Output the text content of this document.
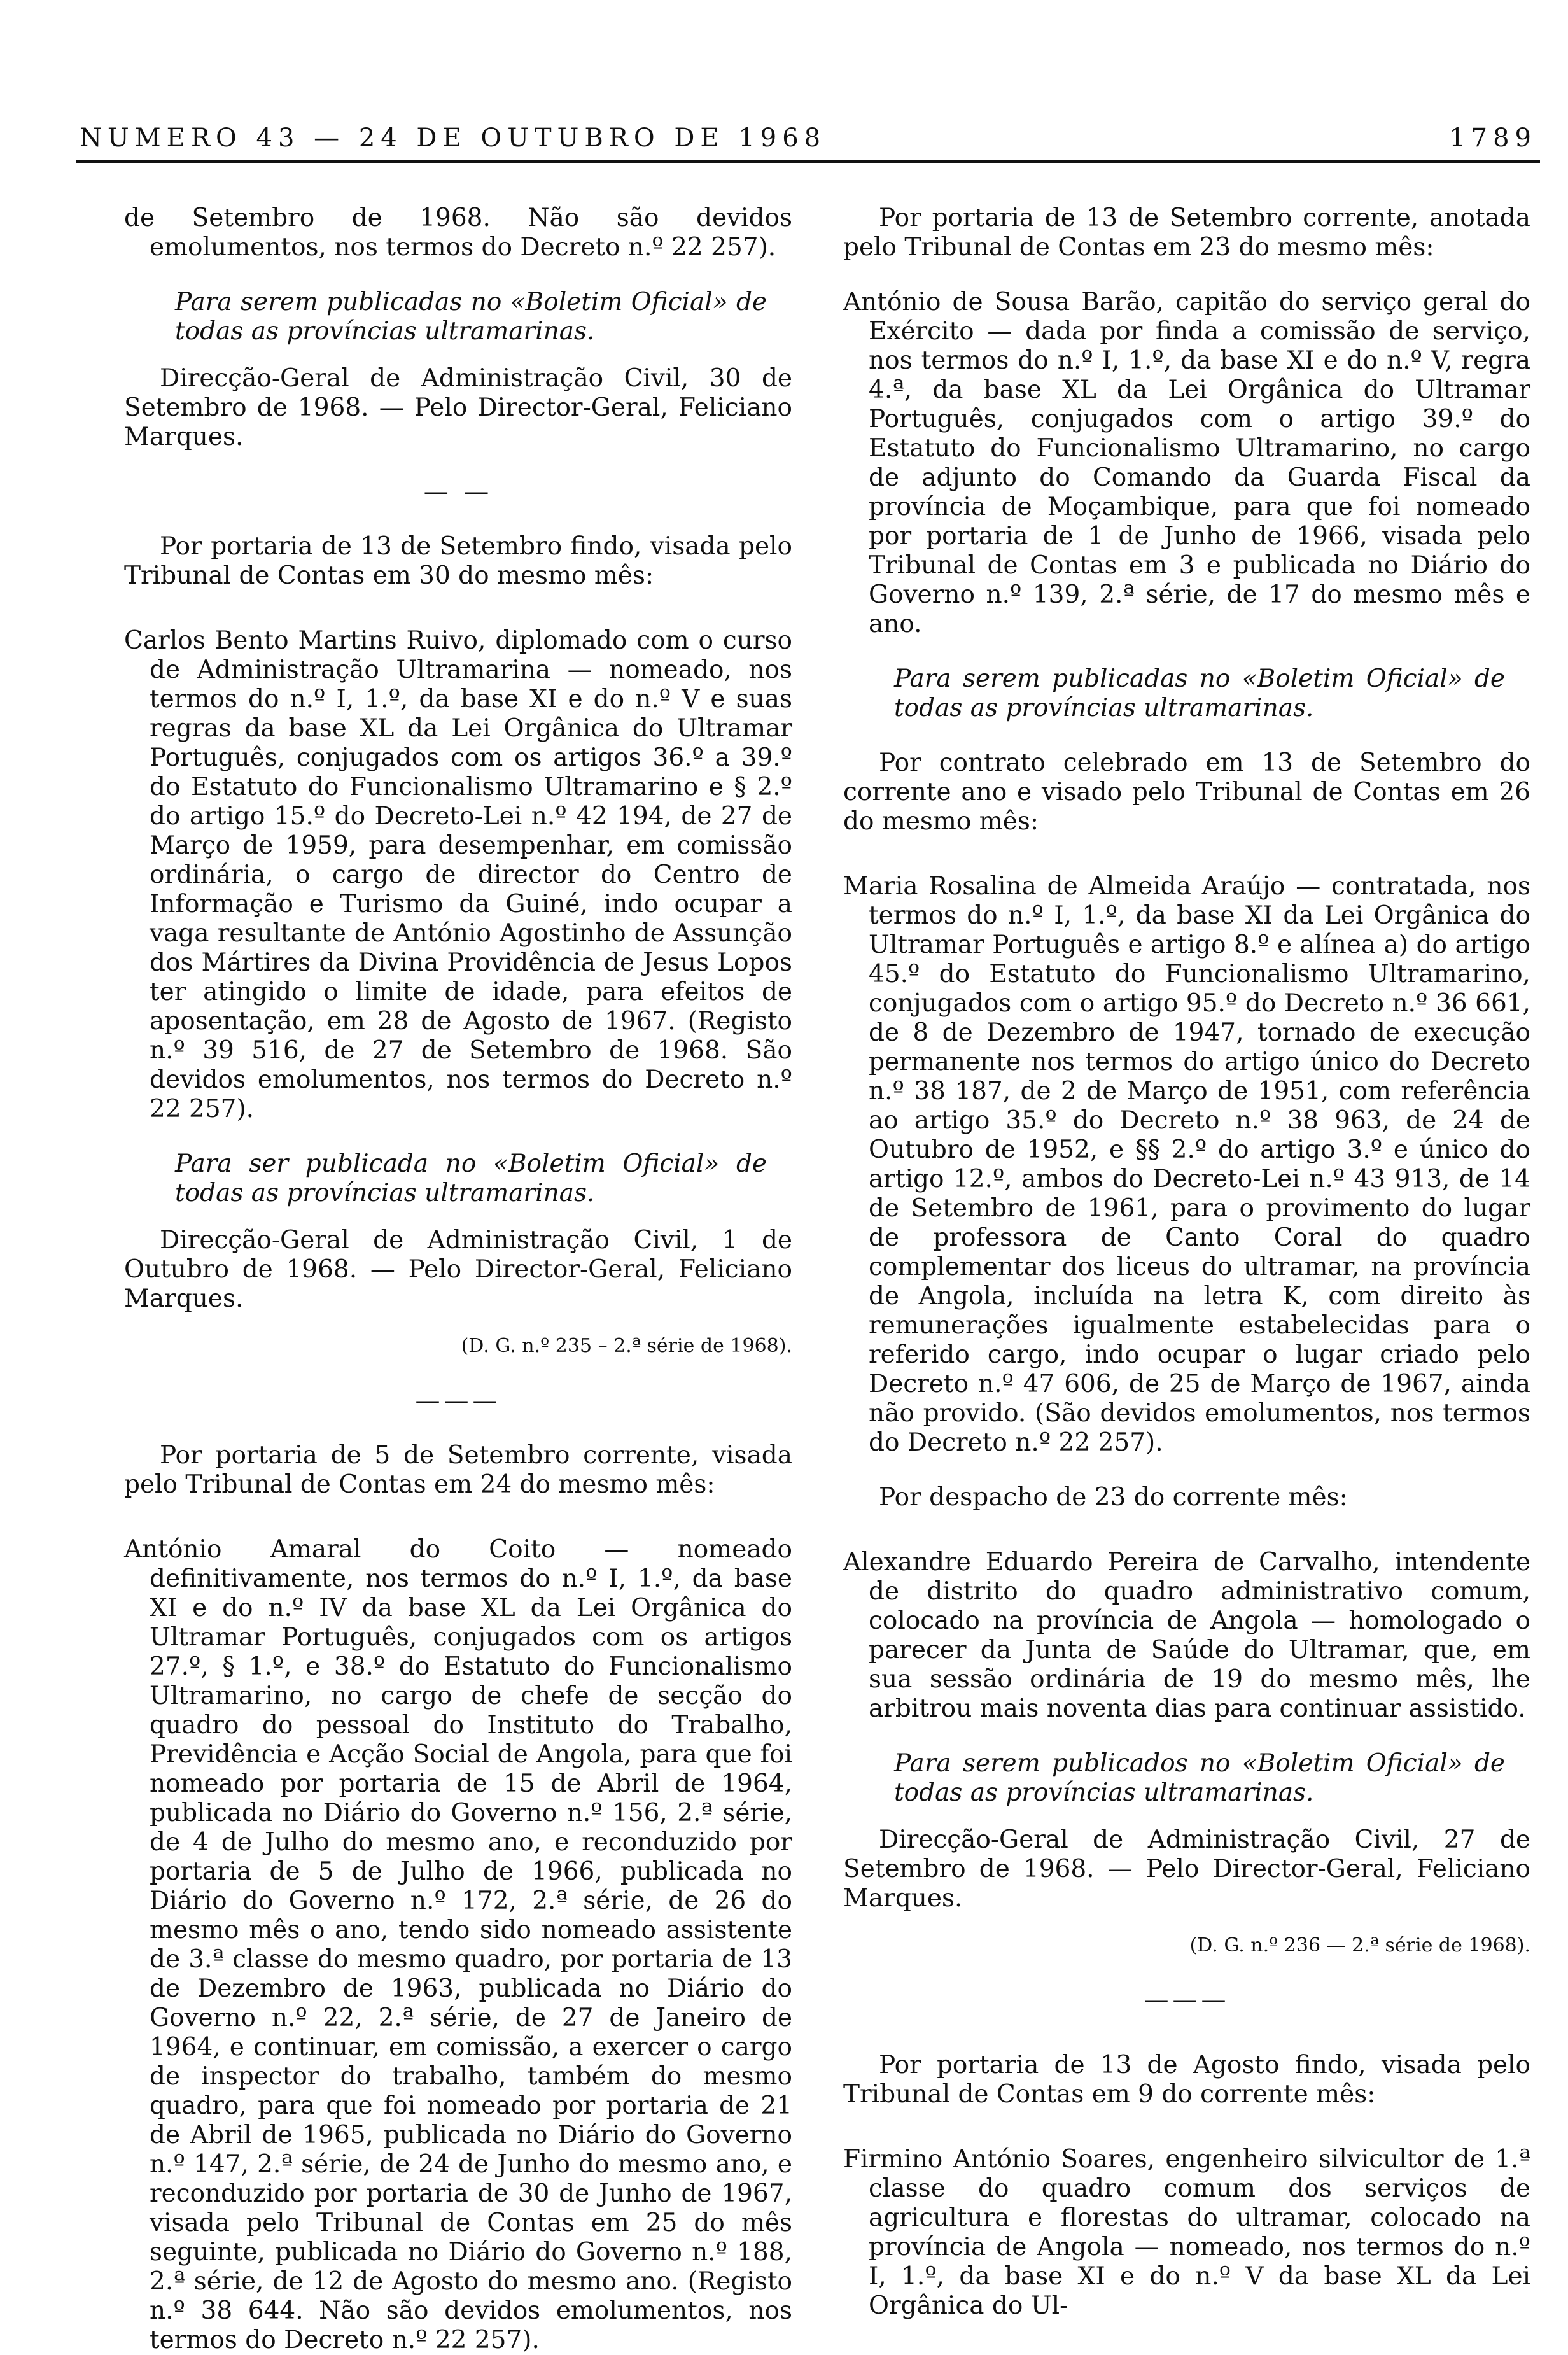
NUMERO 43 — 24 DE OUTUBRO DE 1968	1789

de Setembro de 1968. Não são devidos emolumentos, nos termos do Decreto n.º 22 257).

Para serem publicadas no «Boletim Oficial» de todas as províncias ultramarinas.

Direcção-Geral de Administração Civil, 30 de Setembro de 1968. — Pelo Director-Geral, Feliciano Marques.

— —

Por portaria de 13 de Setembro findo, visada pelo Tribunal de Contas em 30 do mesmo mês:

Carlos Bento Martins Ruivo, diplomado com o curso de Administração Ultramarina — nomeado, nos termos do n.º I, 1.º, da base XI e do n.º V e suas regras da base XL da Lei Orgânica do Ultramar Português, conjugados com os artigos 36.º a 39.º do Estatuto do Funcionalismo Ultramarino e § 2.º do artigo 15.º do Decreto-Lei n.º 42 194, de 27 de Março de 1959, para desempenhar, em comissão ordinária, o cargo de director do Centro de Informação e Turismo da Guiné, indo ocupar a vaga resultante de António Agostinho de Assunção dos Mártires da Divina Providência de Jesus Lopos ter atingido o limite de idade, para efeitos de aposentação, em 28 de Agosto de 1967. (Registo n.º 39 516, de 27 de Setembro de 1968. São devidos emolumentos, nos termos do Decreto n.º 22 257).

Para ser publicada no «Boletim Oficial» de todas as províncias ultramarinas.

Direcção-Geral de Administração Civil, 1 de Outubro de 1968. — Pelo Director-Geral, Feliciano Marques.

(D. G. n.º 235 – 2.ª série de 1968).

———

Por portaria de 5 de Setembro corrente, visada pelo Tribunal de Contas em 24 do mesmo mês:

António Amaral do Coito — nomeado definitivamente, nos termos do n.º I, 1.º, da base XI e do n.º IV da base XL da Lei Orgânica do Ultramar Português, conjugados com os artigos 27.º, § 1.º, e 38.º do Estatuto do Funcionalismo Ultramarino, no cargo de chefe de secção do quadro do pessoal do Instituto do Trabalho, Previdência e Acção Social de Angola, para que foi nomeado por portaria de 15 de Abril de 1964, publicada no Diário do Governo n.º 156, 2.ª série, de 4 de Julho do mesmo ano, e reconduzido por portaria de 5 de Julho de 1966, publicada no Diário do Governo n.º 172, 2.ª série, de 26 do mesmo mês o ano, tendo sido nomeado assistente de 3.ª classe do mesmo quadro, por portaria de 13 de Dezembro de 1963, publicada no Diário do Governo n.º 22, 2.ª série, de 27 de Janeiro de 1964, e continuar, em comissão, a exercer o cargo de inspector do trabalho, também do mesmo quadro, para que foi nomeado por portaria de 21 de Abril de 1965, publicada no Diário do Governo n.º 147, 2.ª série, de 24 de Junho do mesmo ano, e reconduzido por portaria de 30 de Junho de 1967, visada pelo Tribunal de Contas em 25 do mês seguinte, publicada no Diário do Governo n.º 188, 2.ª série, de 12 de Agosto do mesmo ano. (Registo n.º 38 644. Não são devidos emolumentos, nos termos do Decreto n.º 22 257).

Por portaria de 13 de Setembro corrente, anotada pelo Tribunal de Contas em 23 do mesmo mês:

António de Sousa Barão, capitão do serviço geral do Exército — dada por finda a comissão de serviço, nos termos do n.º I, 1.º, da base XI e do n.º V, regra 4.ª, da base XL da Lei Orgânica do Ultramar Português, conjugados com o artigo 39.º do Estatuto do Funcionalismo Ultramarino, no cargo de adjunto do Comando da Guarda Fiscal da província de Moçambique, para que foi nomeado por portaria de 1 de Junho de 1966, visada pelo Tribunal de Contas em 3 e publicada no Diário do Governo n.º 139, 2.ª série, de 17 do mesmo mês e ano.

Para serem publicadas no «Boletim Oficial» de todas as províncias ultramarinas.

Por contrato celebrado em 13 de Setembro do corrente ano e visado pelo Tribunal de Contas em 26 do mesmo mês:

Maria Rosalina de Almeida Araújo — contratada, nos termos do n.º I, 1.º, da base XI da Lei Orgânica do Ultramar Português e artigo 8.º e alínea a) do artigo 45.º do Estatuto do Funcionalismo Ultramarino, conjugados com o artigo 95.º do Decreto n.º 36 661, de 8 de Dezembro de 1947, tornado de execução permanente nos termos do artigo único do Decreto n.º 38 187, de 2 de Março de 1951, com referência ao artigo 35.º do Decreto n.º 38 963, de 24 de Outubro de 1952, e §§ 2.º do artigo 3.º e único do artigo 12.º, ambos do Decreto-Lei n.º 43 913, de 14 de Setembro de 1961, para o provimento do lugar de professora de Canto Coral do quadro complementar dos liceus do ultramar, na província de Angola, incluída na letra K, com direito às remunerações igualmente estabelecidas para o referido cargo, indo ocupar o lugar criado pelo Decreto n.º 47 606, de 25 de Março de 1967, ainda não provido. (São devidos emolumentos, nos termos do Decreto n.º 22 257).

Por despacho de 23 do corrente mês:

Alexandre Eduardo Pereira de Carvalho, intendente de distrito do quadro administrativo comum, colocado na província de Angola — homologado o parecer da Junta de Saúde do Ultramar, que, em sua sessão ordinária de 19 do mesmo mês, lhe arbitrou mais noventa dias para continuar assistido.

Para serem publicados no «Boletim Oficial» de todas as províncias ultramarinas.

Direcção-Geral de Administração Civil, 27 de Setembro de 1968. — Pelo Director-Geral, Feliciano Marques.

(D. G. n.º 236 — 2.ª série de 1968).

———

Por portaria de 13 de Agosto findo, visada pelo Tribunal de Contas em 9 do corrente mês:

Firmino António Soares, engenheiro silvicultor de 1.ª classe do quadro comum dos serviços de agricultura e florestas do ultramar, colocado na província de Angola — nomeado, nos termos do n.º I, 1.º, da base XI e do n.º V da base XL da Lei Orgânica do Ul-
